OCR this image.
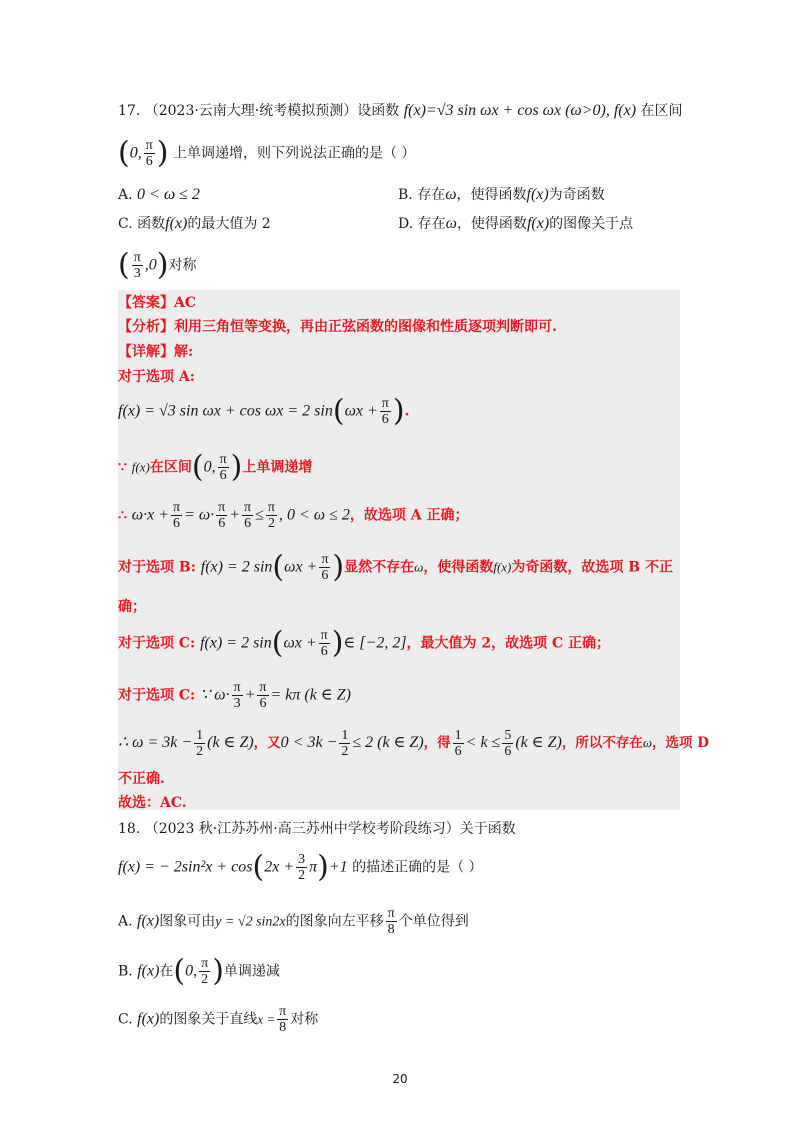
17. （2023·云南大理·统考模拟预测）设函数 f(x)=√3 sin ωx + cos ωx (ω>0), f(x) 在区间
(0, $\frac{\pi}{6}$ ) 上单调递增，则下列说法正确的是（ ）
A. 0 < ω ≤ 2	B. 存在ω，使得函数f(x)为奇函数
C. 函数f(x)的最大值为 2	D. 存在ω，使得函数f(x)的图像关于点
( $\frac{\pi}{3} ,0$)对称
【答案】AC
【分析】利用三角恒等变换，再由正弦函数的图像和性质逐项判断即可.
【详解】解:
对于选项 A:
f(x) = √3 sin ωx + cos ωx = 2 $\sin(\omega x + \frac{\pi}{6}$ ).
∵ f(x)在区间(0, $\frac{\pi}{6}$ )上单调递增
∴ $\omega\cdot x + \frac{\pi}{6} = \omega\cdot \frac{\pi}{6} + \frac{\pi}{6} \le \frac{\pi}{2}$ , 0 < ω ≤ 2，故选项 A 正确；
对于选项 B: f(x) = 2 $\sin(\omega x + \frac{\pi}{6}$ )显然不存在ω，使得函数f(x)为奇函数，故选项 B 不正
确；
对于选项 C: f(x) = 2 $\sin(\omega x + \frac{\pi}{6}$ )∈ [−2, 2]，最大值为 2，故选项 C 正确；
对于选项 C: ∵ $\omega\cdot \frac{\pi}{3} + \frac{\pi}{6} = k\pi$ (k ∈ Z)
∴ $\omega = 3k - \frac{1}{2} (k$ ∈ Z)，又$0 < 3k - \frac{1}{2} \le 2$ (k ∈ Z)，得 $\frac{1}{6} < k \le \frac{5}{6} (k$ ∈ Z)，所以不存在ω，选项 D
不正确.
故选：AC.
18. （2023 秋·江苏苏州·高三苏州中学校考阶段练习）关于函数
f(x) = − $2\sin^2x + \cos(2x + \frac{3}{2} \pi)+1$ 的描述正确的是（ ）
A. f(x)图象可由y = √2 sin2x的图象向左平移 $\frac{\pi}{8}$ 个单位得到
B. f(x)在(0, $\frac{\pi}{2}$ )单调递减
C. f(x)的图象关于直线$x = \frac{\pi}{8}$ 对称
20
